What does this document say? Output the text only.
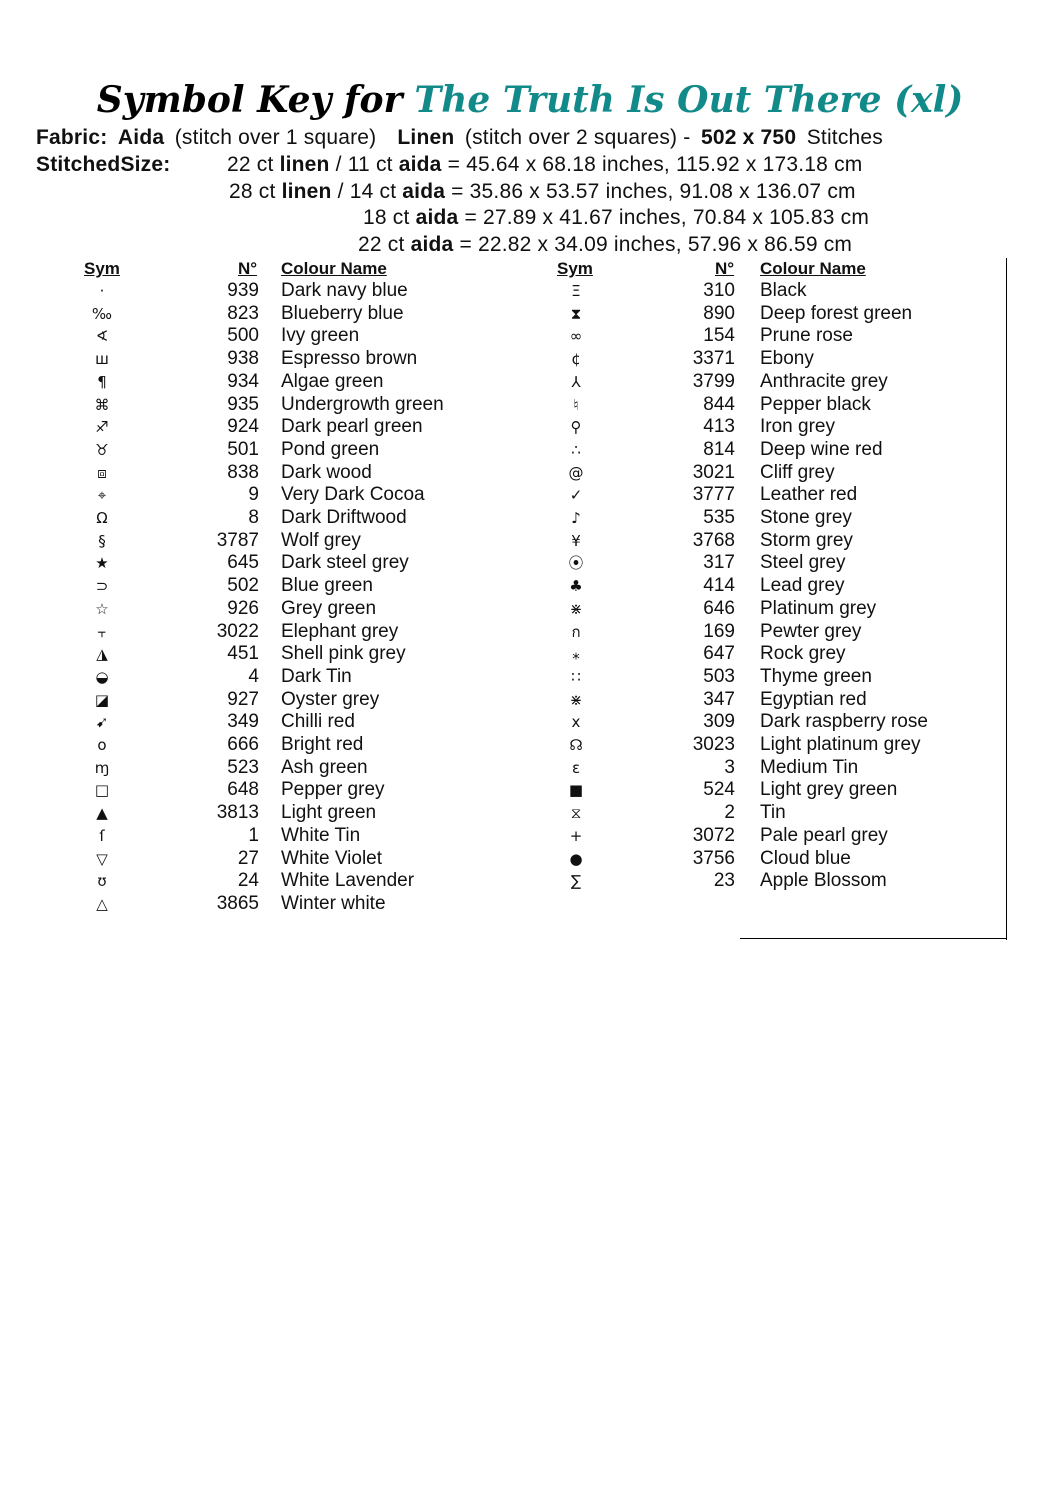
Symbol Key for The Truth Is Out There (xl)
Fabric: Aida (stitch over 1 square) Linen (stitch over 2 squares) - 502 x 750 Stitches
StitchedSize:	22 ct linen / 11 ct aida = 45.64 x 68.18 inches, 115.92 x 173.18 cm
28 ct linen / 14 ct aida = 35.86 x 53.57 inches, 91.08 x 136.07 cm
18 ct aida = 27.89 x 41.67 inches, 70.84 x 105.83 cm
22 ct aida = 22.82 x 34.09 inches, 57.96 x 86.59 cm
Sym	N° Colour Name
·	939 Dark navy blue
‰	823 Blueberry blue
∢	500 Ivy green
ш	938 Espresso brown
¶	934 Algae green
⌘	935 Undergrowth green
♐	924 Dark pearl green
♉	501 Pond green
⧈	838 Dark wood
⌖	9 Very Dark Cocoa
Ω	8 Dark Driftwood
§	3787 Wolf grey
★	645 Dark steel grey
⊃	502 Blue green
☆	926 Grey green
⫟	3022 Elephant grey
◮	451 Shell pink grey
◒	4 Dark Tin
◪	927 Oyster grey
➹	349 Chilli red
o	666 Bright red
ɱ	523 Ash green
□	648 Pepper grey
▲	3813 Light green
ſ	1 White Tin
▽	27 White Violet
ʊ	24 White Lavender
△	3865 Winter white
Sym	N° Colour Name
Ξ	310 Black
⧗	890 Deep forest green
∞	154 Prune rose
¢	3371 Ebony
⅄	3799 Anthracite grey
♮	844 Pepper black
⚲	413 Iron grey
∴	814 Deep wine red
@	3021 Cliff grey
✓	3777 Leather red
♪	535 Stone grey
¥	3768 Storm grey
⦿	317 Steel grey
♣	414 Lead grey
⋇	646 Platinum grey
ก	169 Pewter grey
⁎	647 Rock grey
∷	503 Thyme green
⋇	347 Egyptian red
x	309 Dark raspberry rose
☊	3023 Light platinum grey
ε	3 Medium Tin
■	524 Light grey green
⧖	2 Tin
+	3072 Pale pearl grey
●	3756 Cloud blue
∑	23 Apple Blossom
